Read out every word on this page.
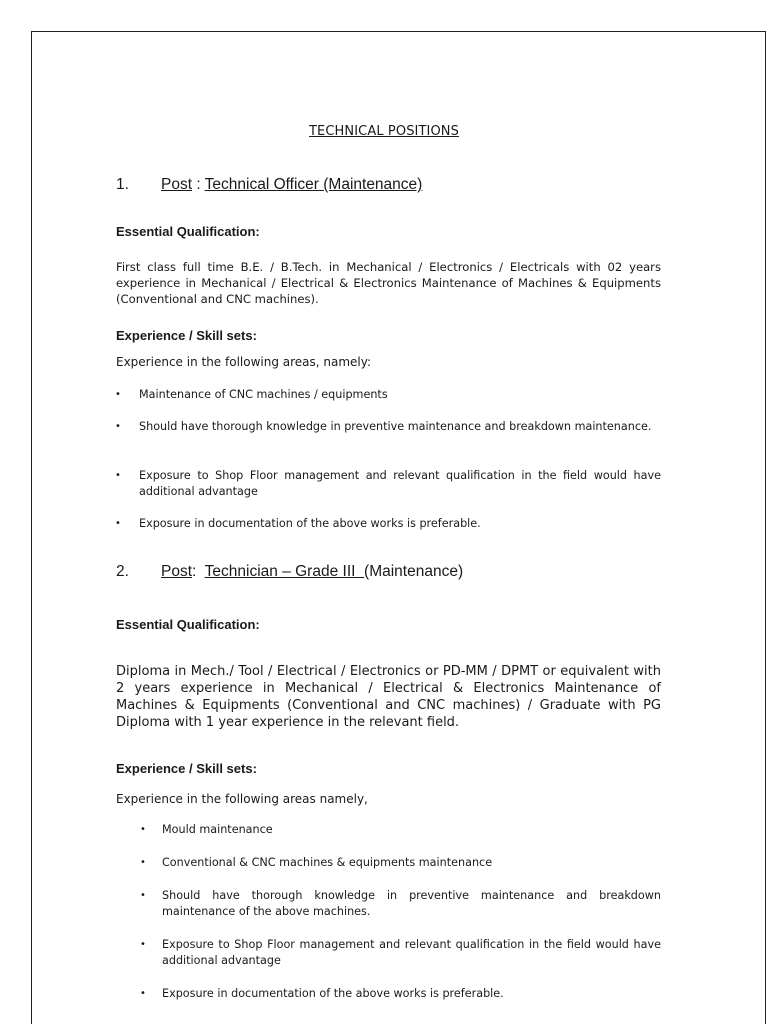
TECHNICAL POSITIONS
1. Post : Technical Officer (Maintenance)
Essential Qualification:
First class full time B.E. / B.Tech. in Mechanical / Electronics / Electricals with 02 years experience in Mechanical / Electrical & Electronics Maintenance of Machines & Equipments (Conventional and CNC machines).
Experience / Skill sets:
Experience in the following areas, namely:
• Maintenance of CNC machines / equipments
• Should have thorough knowledge in preventive maintenance and breakdown maintenance.
• Exposure to Shop Floor management and relevant qualification in the field would have additional advantage
• Exposure in documentation of the above works is preferable.
2. Post:  Technician – Grade III  (Maintenance)
Essential Qualification:
Diploma in Mech./ Tool / Electrical / Electronics or PD-MM / DPMT or equivalent with 2 years experience in Mechanical / Electrical & Electronics Maintenance of Machines & Equipments (Conventional and CNC machines) / Graduate with PG Diploma with 1 year experience in the relevant field.
Experience / Skill sets:
Experience in the following areas namely,
• Mould maintenance
• Conventional & CNC machines & equipments maintenance
• Should have thorough knowledge in preventive maintenance and breakdown maintenance of the above machines.
• Exposure to Shop Floor management and relevant qualification in the field would have additional advantage
• Exposure in documentation of the above works is preferable.
